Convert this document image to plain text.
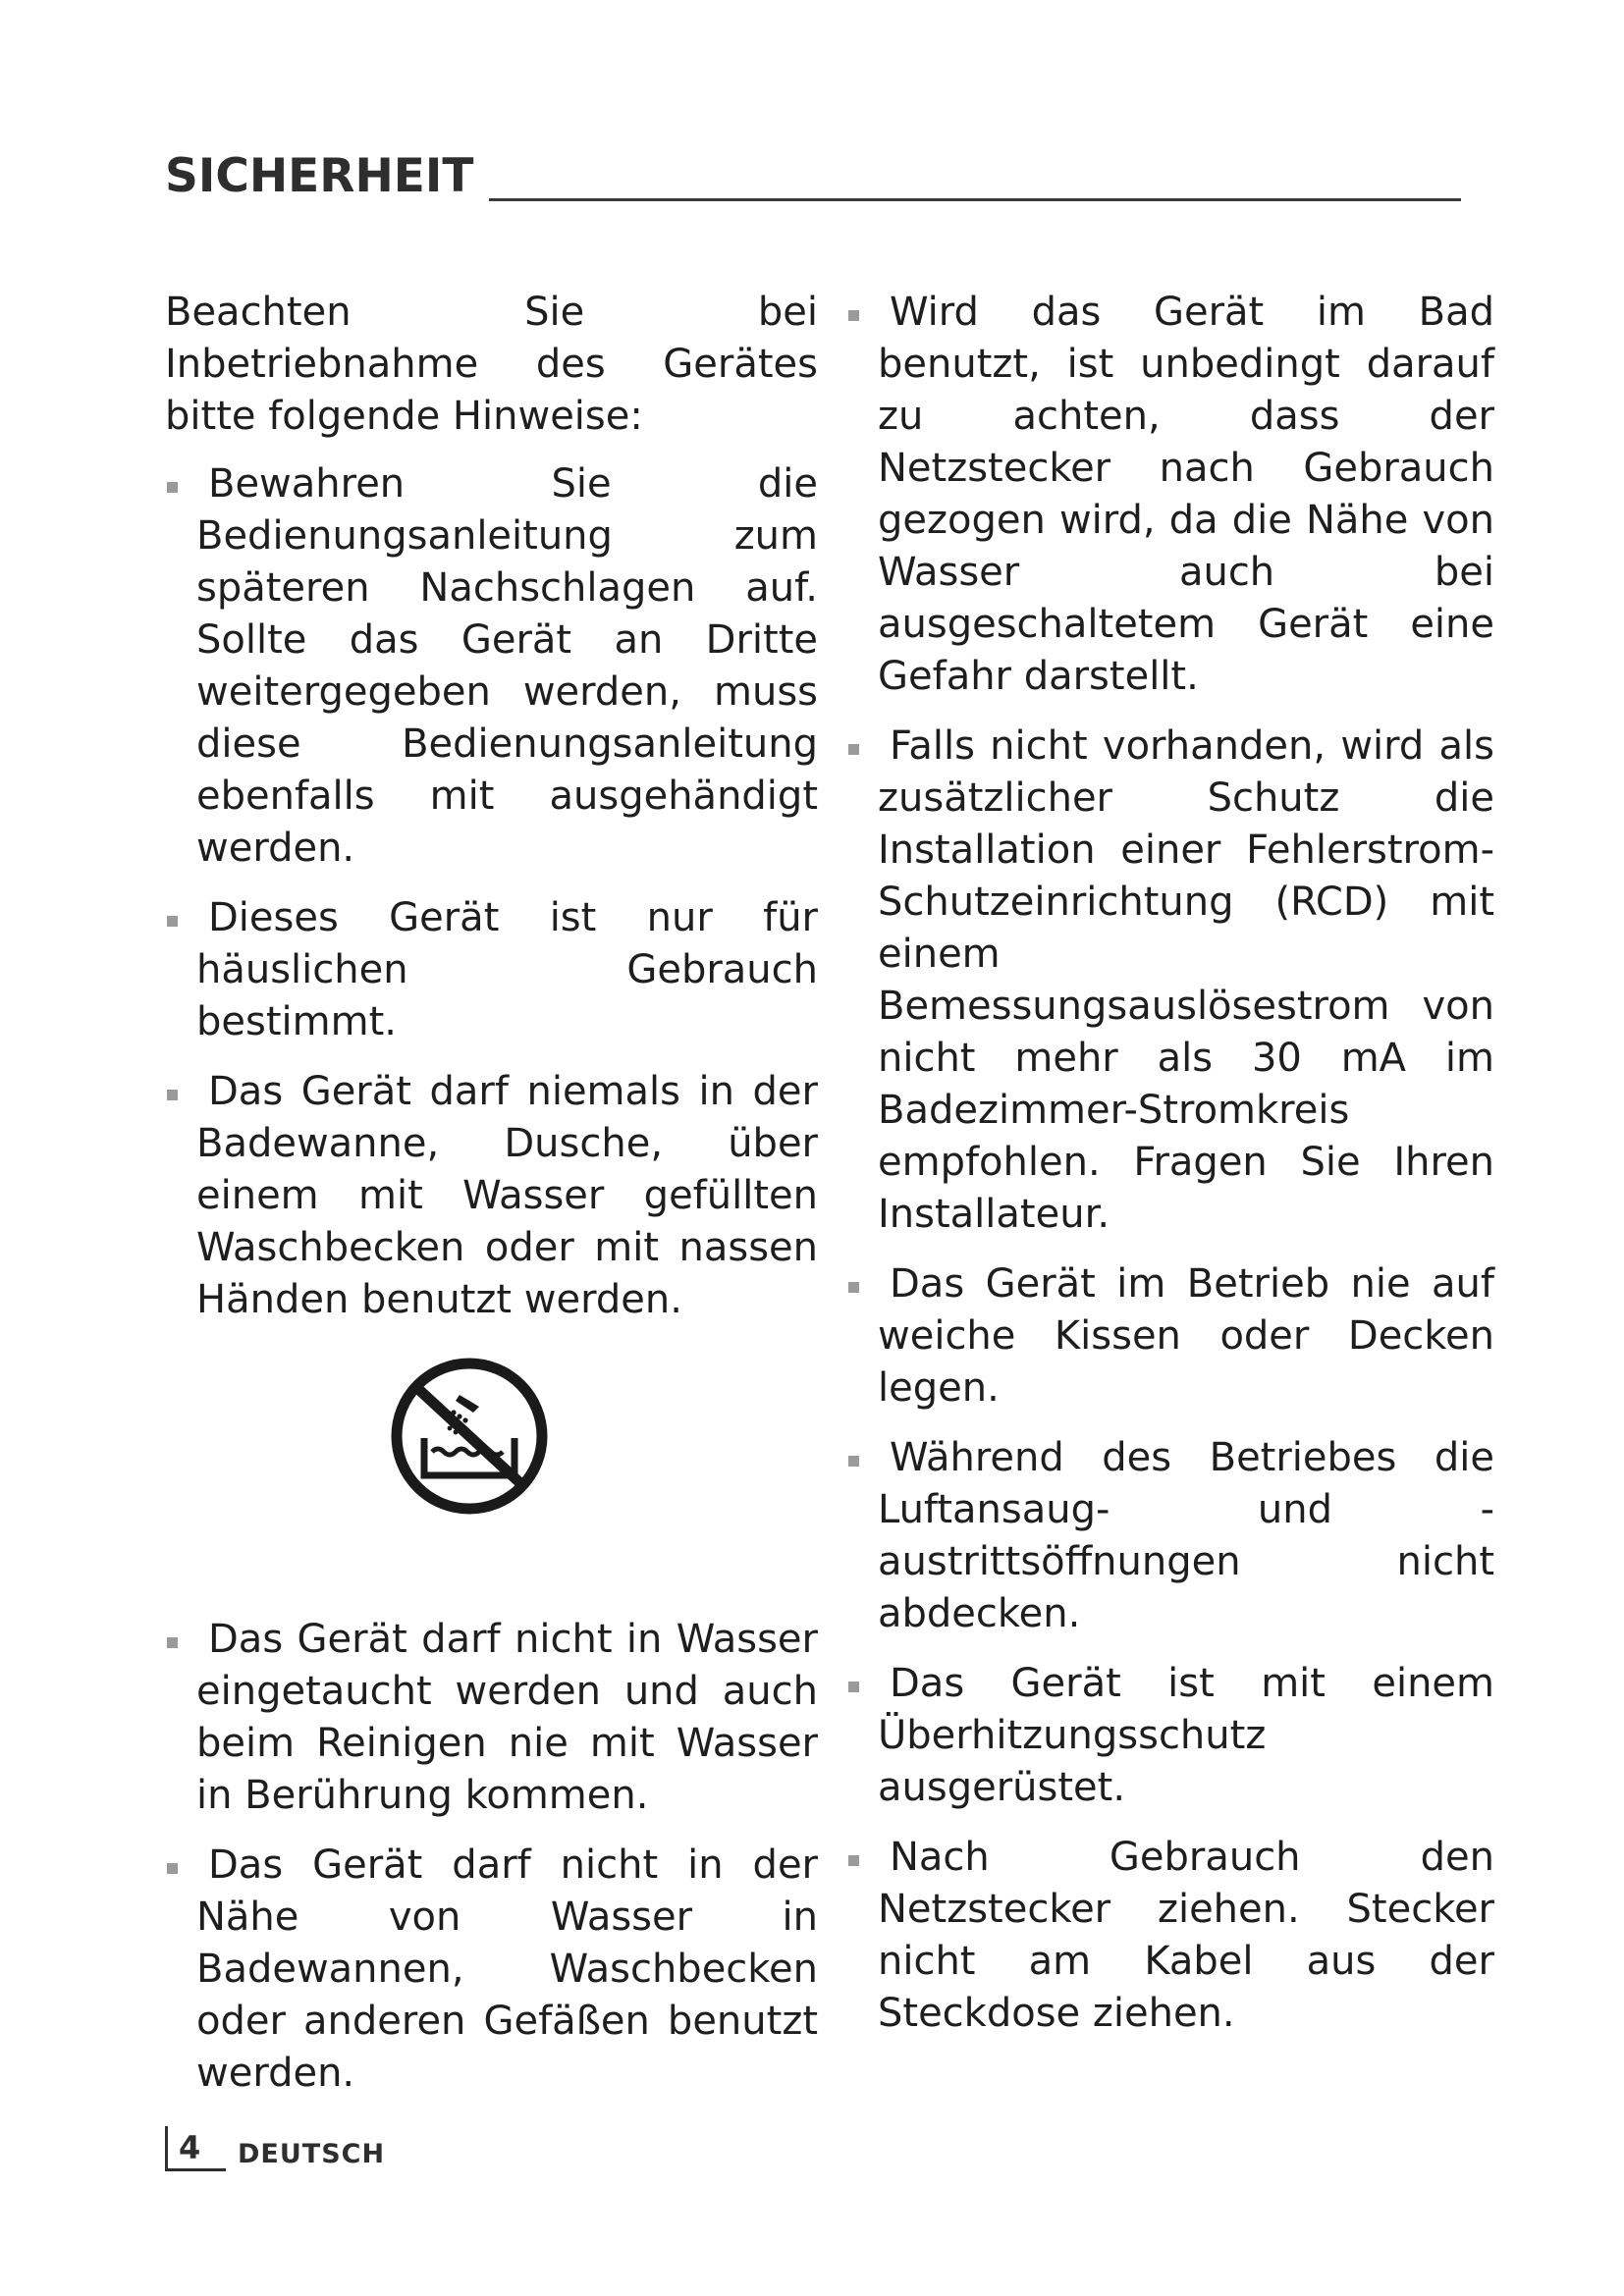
SICHERHEIT

Beachten Sie bei Inbetriebnahme des Gerätes bitte folgende Hinweise:

Bewahren Sie die Bedienungsanleitung zum späteren Nachschlagen auf. Sollte das Gerät an Dritte weitergegeben werden, muss diese Bedienungsanleitung ebenfalls mit ausgehändigt werden.

Dieses Gerät ist nur für häuslichen Gebrauch bestimmt.

Das Gerät darf niemals in der Badewanne, Dusche, über einem mit Wasser gefüllten Waschbecken oder mit nassen Händen benutzt werden.

Das Gerät darf nicht in Wasser eingetaucht werden und auch beim Reinigen nie mit Wasser in Berührung kommen.

Das Gerät darf nicht in der Nähe von Wasser in Badewannen, Waschbecken oder anderen Gefäßen benutzt werden.

Wird das Gerät im Bad benutzt, ist unbedingt darauf zu achten, dass der Netzstecker nach Gebrauch gezogen wird, da die Nähe von Wasser auch bei ausgeschaltetem Gerät eine Gefahr darstellt.

Falls nicht vorhanden, wird als zusätzlicher Schutz die Installation einer Fehlerstrom-Schutzeinrichtung (RCD) mit einem Bemessungsauslösestrom von nicht mehr als 30 mA im Badezimmer-Stromkreis empfohlen. Fragen Sie Ihren Installateur.

Das Gerät im Betrieb nie auf weiche Kissen oder Decken legen.

Während des Betriebes die Luftansaug- und -austrittsöffnungen nicht abdecken.

Das Gerät ist mit einem Überhitzungsschutz ausgerüstet.

Nach Gebrauch den Netzstecker ziehen. Stecker nicht am Kabel aus der Steckdose ziehen.

4 DEUTSCH
